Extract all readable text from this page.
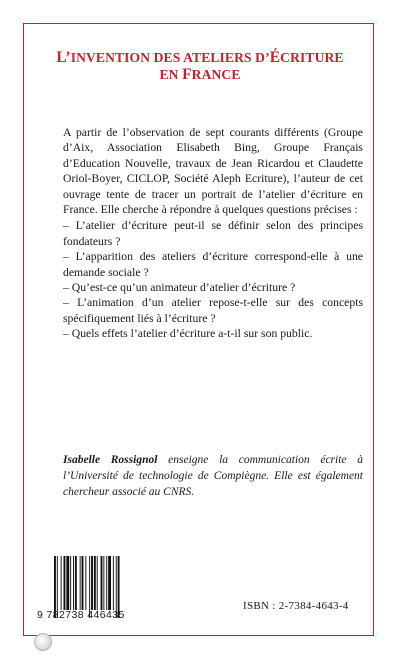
L’INVENTION DES ATELIERS D’ÉCRITURE
EN FRANCE

A partir de l’observation de sept courants différents (Groupe d’Aix, Association Elisabeth Bing, Groupe Français d’Education Nouvelle, travaux de Jean Ricardou et Claudette Oriol-Boyer, CICLOP, Société Aleph Ecriture), l’auteur de cet ouvrage tente de tracer un portrait de l’atelier d’écriture en France. Elle cherche à répondre à quelques questions précises :

– L’atelier d’écriture peut-il se définir selon des principes fondateurs ?

– L’apparition des ateliers d’écriture correspond-elle à une demande sociale ?

– Qu’est-ce qu’un animateur d’atelier d’écriture ?

– L’animation d’un atelier repose-t-elle sur des concepts spécifiquement liés à l’écriture ?

– Quels effets l’atelier d’écriture a-t-il sur son public.

Isabelle Rossignol enseigne la communication écrite à l’Université de technologie de Compiègne. Elle est également chercheur associé au CNRS.
9 782738 446435
ISBN : 2-7384-4643-4
